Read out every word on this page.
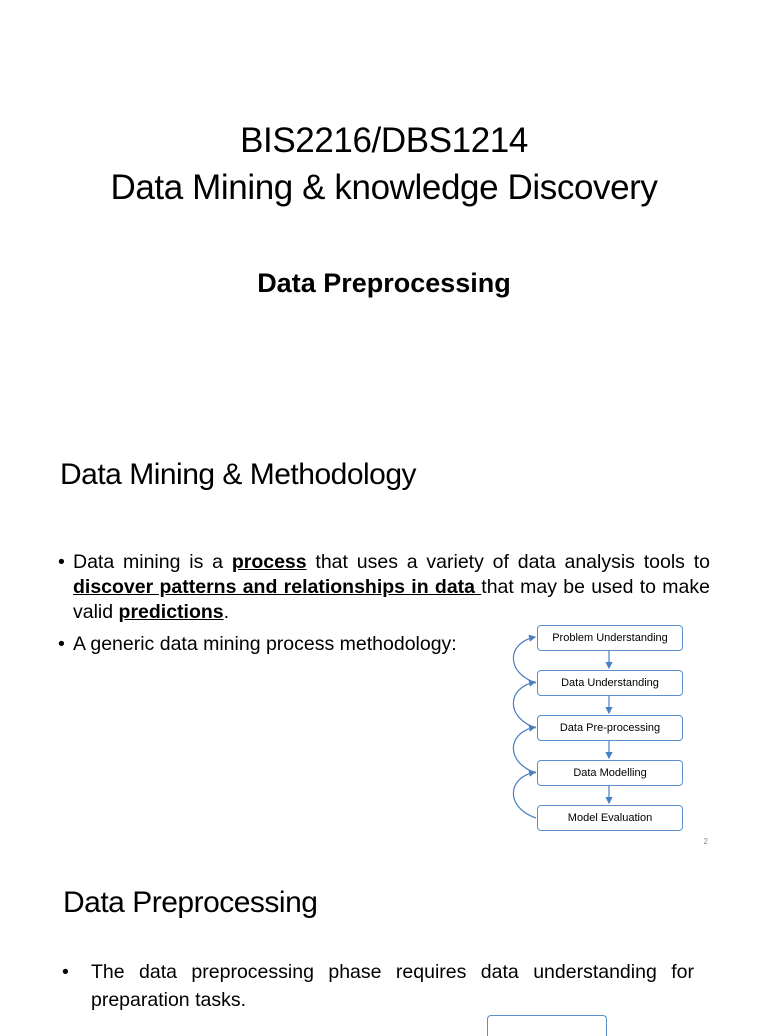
BIS2216/DBS1214
Data Mining & knowledge Discovery
Data Preprocessing
Data Mining & Methodology
• Data mining is a process that uses a variety of data analysis tools to discover patterns and relationships in data that may be used to make valid predictions.
• A generic data mining process methodology:	Problem Understanding
Data Understanding
Data Pre-processing
Data Modelling
Model Evaluation
2
Data Preprocessing
• The data preprocessing phase requires data understanding for preparation tasks.
